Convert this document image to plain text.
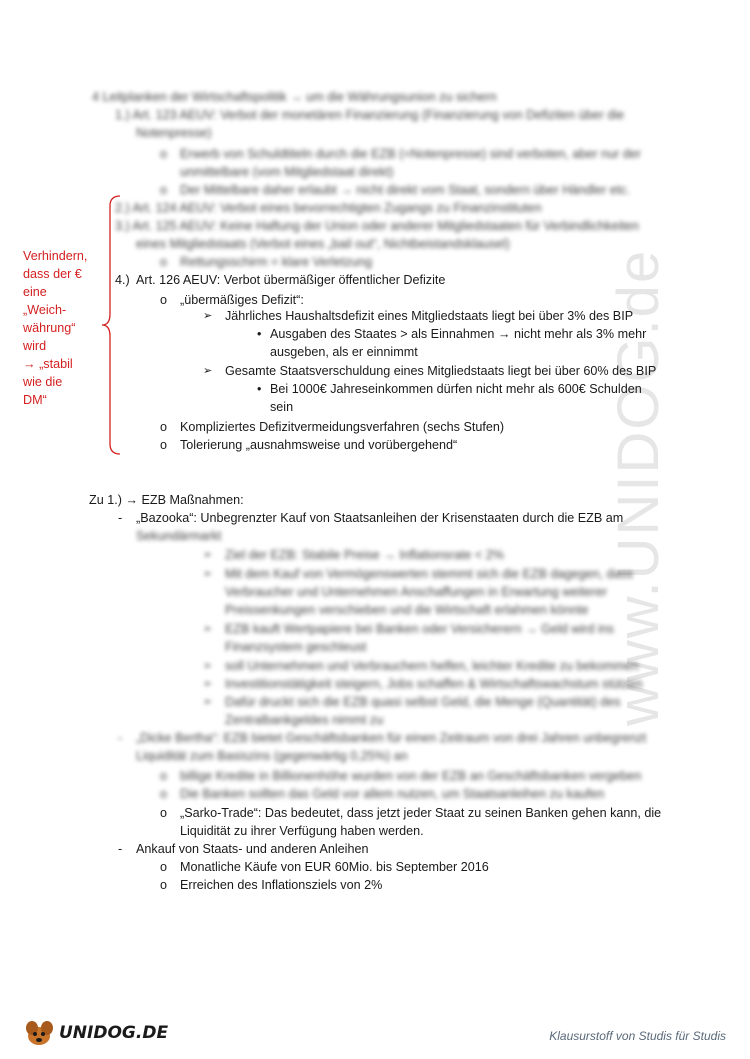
www.UNIDOG.de
4 Leitplanken der Wirtschaftspolitik → um die Währungsunion zu sichern
1.) Art. 123 AEUV: Verbot der monetären Finanzierung (Finanzierung von Defiziten über die
Notenpresse)
o Erwerb von Schuldtiteln durch die EZB (=Notenpresse) sind verboten, aber nur der
unmittelbare (vom Mitgliedstaat direkt)
o Der Mittelbare daher erlaubt → nicht direkt vom Staat, sondern über Händler etc.
2.) Art. 124 AEUV: Verbot eines bevorrechtigten Zugangs zu Finanzinstituten
3.) Art. 125 AEUV: Keine Haftung der Union oder anderer Mitgliedstaaten für Verbindlichkeiten
eines Mitgliedstaats (Verbot eines „bail out“, Nichtbeistandsklausel)
o Rettungsschirm = klare Verletzung
Verhindern,
dass der €
eine
„Weich-
währung“
wird
→ „stabil
wie die
DM“
4.) Art. 126 AEUV: Verbot übermäßiger öffentlicher Defizite
o „übermäßiges Defizit“:
➢ Jährliches Haushaltsdefizit eines Mitgliedstaats liegt bei über 3% des BIP
• Ausgaben des Staates > als Einnahmen → nicht mehr als 3% mehr
ausgeben, als er einnimmt
➢ Gesamte Staatsverschuldung eines Mitgliedstaats liegt bei über 60% des BIP
• Bei 1000€ Jahreseinkommen dürfen nicht mehr als 600€ Schulden
sein
o Kompliziertes Defizitvermeidungsverfahren (sechs Stufen)
o Tolerierung „ausnahmsweise und vorübergehend“
Zu 1.) → EZB Maßnahmen:
- „Bazooka“: Unbegrenzter Kauf von Staatsanleihen der Krisenstaaten durch die EZB am
Sekundärmarkt
➢ Ziel der EZB: Stabile Preise → Inflationsrate < 2%
➢ Mit dem Kauf von Vermögenswerten stemmt sich die EZB dagegen, dass
Verbraucher und Unternehmen Anschaffungen in Erwartung weiterer
Preissenkungen verschieben und die Wirtschaft erlahmen könnte
➢ EZB kauft Wertpapiere bei Banken oder Versicherern → Geld wird ins
Finanzsystem geschleust
➢ soll Unternehmen und Verbrauchern helfen, leichter Kredite zu bekommen
➢ Investitionstätigkeit steigern, Jobs schaffen & Wirtschaftswachstum stützen
➢ Dafür druckt sich die EZB quasi selbst Geld, die Menge (Quantität) des
Zentralbankgeldes nimmt zu
- „Dicke Bertha“: EZB bietet Geschäftsbanken für einen Zeitraum von drei Jahren unbegrenzt
Liquidität zum Basiszins (gegenwärtig 0,25%) an
o billige Kredite in Billionenhöhe wurden von der EZB an Geschäftsbanken vergeben
o Die Banken sollten das Geld vor allem nutzen, um Staatsanleihen zu kaufen
o „Sarko-Trade“: Das bedeutet, dass jetzt jeder Staat zu seinen Banken gehen kann, die
Liquidität zu ihrer Verfügung haben werden.
- Ankauf von Staats- und anderen Anleihen
o Monatliche Käufe von EUR 60Mio. bis September 2016
o Erreichen des Inflationsziels von 2%
UNIDOG.DE	Klausurstoff von Studis für Studis
